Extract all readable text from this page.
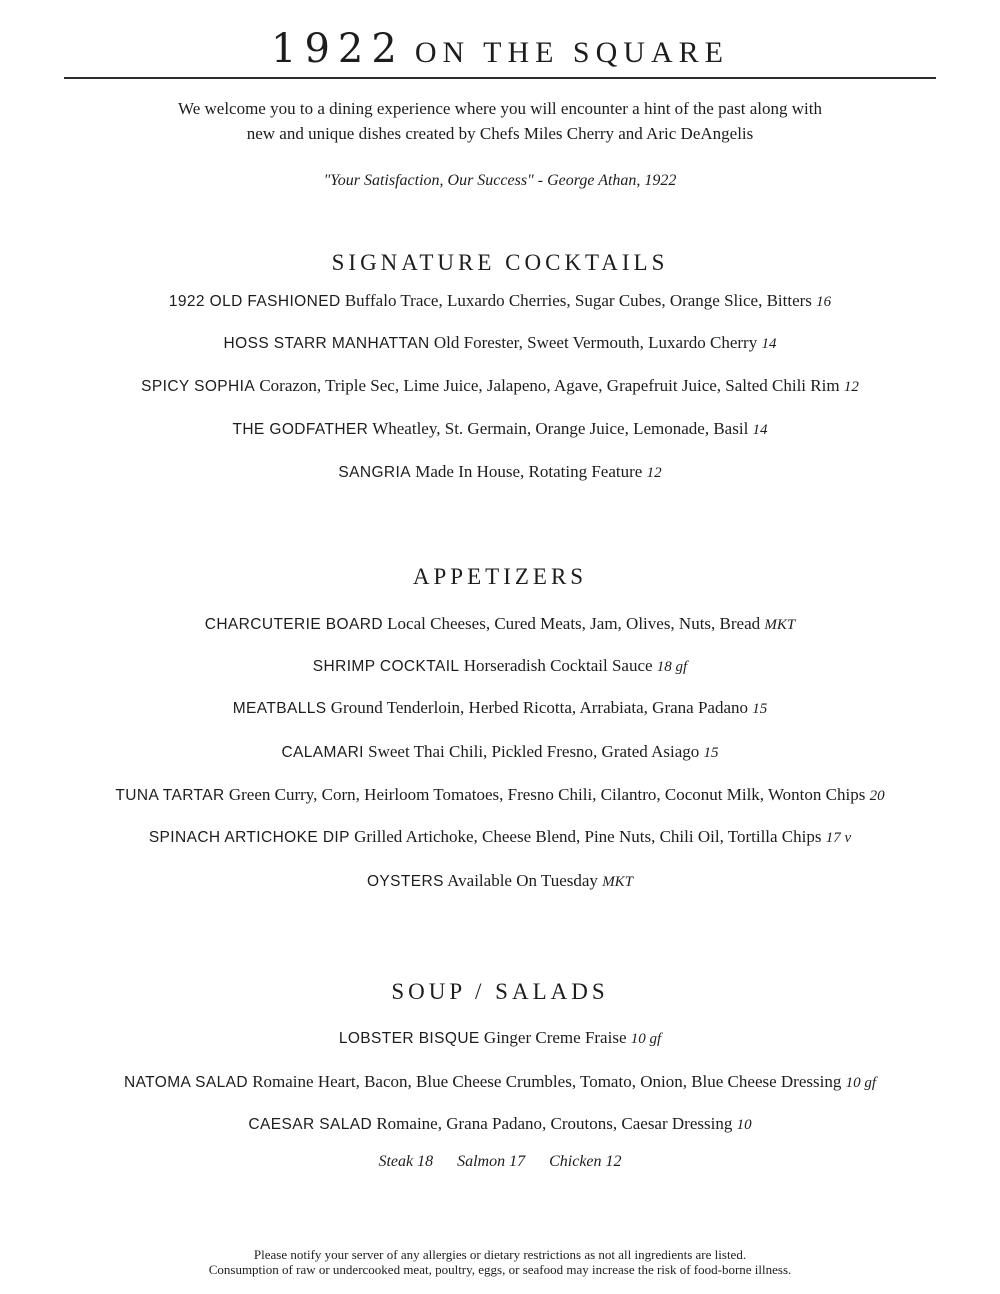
1922 ON THE SQUARE
We welcome you to a dining experience where you will encounter a hint of the past along with
new and unique dishes created by Chefs Miles Cherry and Aric DeAngelis
"Your Satisfaction, Our Success" - George Athan, 1922
SIGNATURE COCKTAILS
1922 OLD FASHIONED Buffalo Trace, Luxardo Cherries, Sugar Cubes, Orange Slice, Bitters 16
HOSS STARR MANHATTAN Old Forester, Sweet Vermouth, Luxardo Cherry 14
SPICY SOPHIA Corazon, Triple Sec, Lime Juice, Jalapeno, Agave, Grapefruit Juice, Salted Chili Rim 12
THE GODFATHER Wheatley, St. Germain, Orange Juice, Lemonade, Basil 14
SANGRIA Made In House, Rotating Feature 12
APPETIZERS
CHARCUTERIE BOARD Local Cheeses, Cured Meats, Jam, Olives, Nuts, Bread MKT
SHRIMP COCKTAIL Horseradish Cocktail Sauce 18 gf
MEATBALLS Ground Tenderloin, Herbed Ricotta, Arrabiata, Grana Padano 15
CALAMARI Sweet Thai Chili, Pickled Fresno, Grated Asiago 15
TUNA TARTAR Green Curry, Corn, Heirloom Tomatoes, Fresno Chili, Cilantro, Coconut Milk, Wonton Chips 20
SPINACH ARTICHOKE DIP Grilled Artichoke, Cheese Blend, Pine Nuts, Chili Oil, Tortilla Chips 17 v
OYSTERS Available On Tuesday MKT
SOUP / SALADS
LOBSTER BISQUE Ginger Creme Fraise 10 gf
NATOMA SALAD Romaine Heart, Bacon, Blue Cheese Crumbles, Tomato, Onion, Blue Cheese Dressing 10 gf
CAESAR SALAD Romaine, Grana Padano, Croutons, Caesar Dressing 10
Steak 18 Salmon 17 Chicken 12
Please notify your server of any allergies or dietary restrictions as not all ingredients are listed.
Consumption of raw or undercooked meat, poultry, eggs, or seafood may increase the risk of food-borne illness.
